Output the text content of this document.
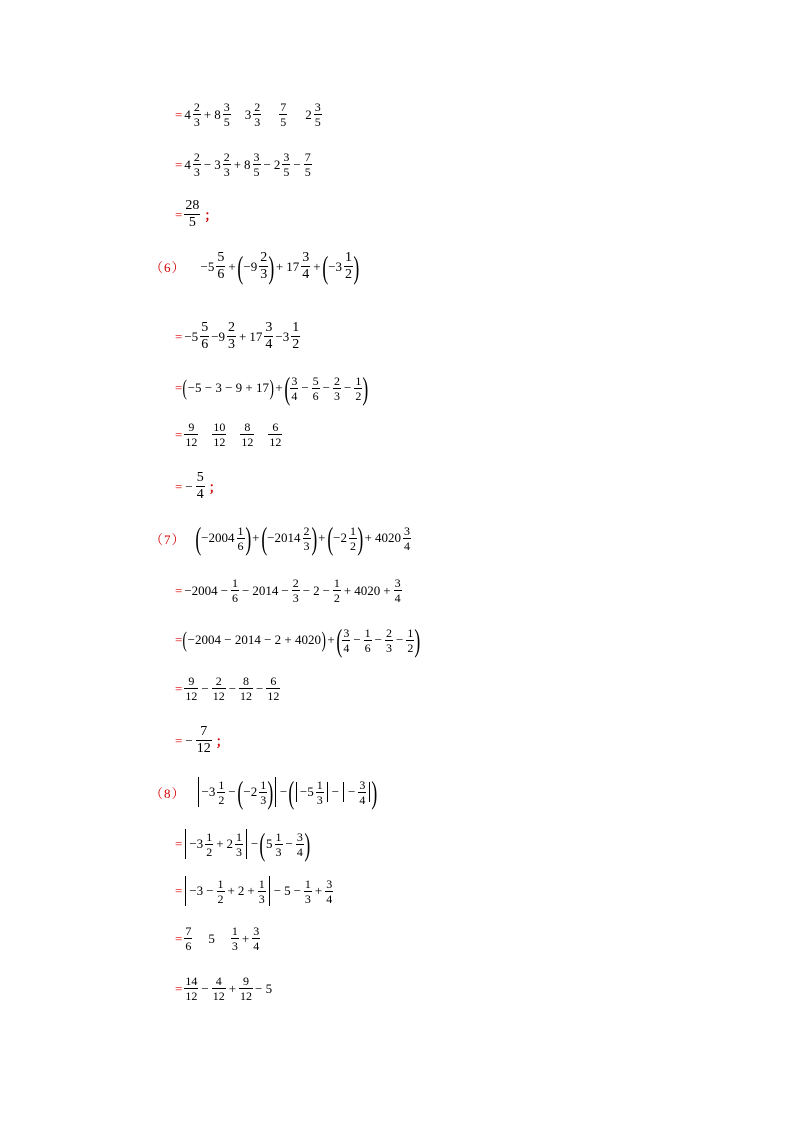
= $4 \frac{2}{3} + 8 \frac{3}{5} 3 \frac{2}{3} \frac{7}{5} 2 \frac{3}{5}$
= $4 \frac{2}{3} - 3 \frac{2}{3} + 8 \frac{3}{5} - 2 \frac{3}{5} - \frac{7}{5}$
= $\frac{28}{5}$ ；
$(6) -5 \frac{5}{6}$ + ( $-9 \frac{2}{3}$ ) + $17 \frac{3}{4}$ + ( $-3 \frac{1}{2}$ )
= $-5 \frac{5}{6} -9 \frac{2}{3} + 17 \frac{3}{4} -3 \frac{1}{2}$
= ( −5 − 3 − 9 + 17 ) + ( $\frac{3}{4} - \frac{5}{6} - \frac{2}{3} - \frac{1}{2}$ )
= $\frac{9}{12} \frac{10}{12} \frac{8}{12} \frac{6}{12}$
= − $\frac{5}{4}$ ；
（7） ( $-2004 \frac{1}{6}$ ) + ( $-2014 \frac{2}{3}$ ) + ( $-2 \frac{1}{2}$ ) + $4020 \frac{3}{4}$
= $-2004 - \frac{1}{6} - 2014 - \frac{2}{3} - 2 - \frac{1}{2} + 4020 + \frac{3}{4}$
= ( −2004 − 2014 − 2 + 4020 ) + ( $\frac{3}{4} - \frac{1}{6} - \frac{2}{3} - \frac{1}{2}$ )
= $\frac{9}{12} - \frac{2}{12} - \frac{8}{12} - \frac{6}{12}$
= − $\frac{7}{12}$ ；
$(8) -3 \frac{1}{2}$ − ( $-2 \frac{1}{3}$ ) − ( $-5 \frac{1}{3}$ − − $\frac{3}{4}$ )
= $-3 \frac{1}{2} + 2 \frac{1}{3}$ − ( $5 \frac{1}{3} - \frac{3}{4}$ )
= $-3 - \frac{1}{2} + 2 + \frac{1}{3} - 5 - \frac{1}{3} + \frac{3}{4}$
= $\frac{7}{6} 5 \frac{1}{3} + \frac{3}{4}$
= $\frac{14}{12} - \frac{4}{12} + \frac{9}{12} - 5$
